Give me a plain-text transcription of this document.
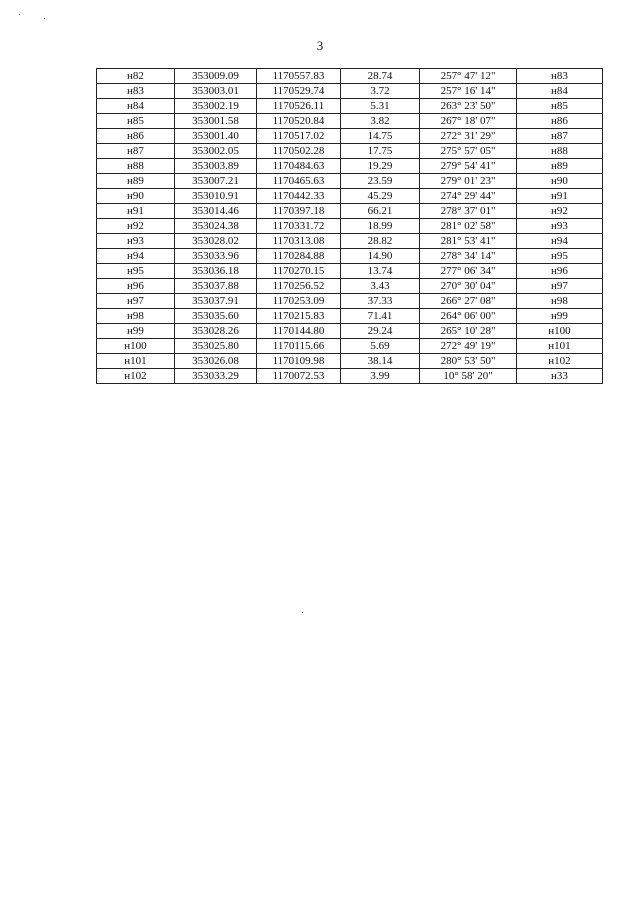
3
н82	353009.09	1170557.83	28.74	257° 47' 12"	н83
н83	353003.01	1170529.74	3.72	257° 16' 14"	н84
н84	353002.19	1170526.11	5.31	263° 23' 50"	н85
н85	353001.58	1170520.84	3.82	267° 18' 07"	н86
н86	353001.40	1170517.02	14.75	272° 31' 29"	н87
н87	353002.05	1170502.28	17.75	275° 57' 05"	н88
н88	353003.89	1170484.63	19.29	279° 54' 41"	н89
н89	353007.21	1170465.63	23.59	279° 01' 23"	н90
н90	353010.91	1170442.33	45.29	274° 29' 44"	н91
н91	353014.46	1170397.18	66.21	278° 37' 01"	н92
н92	353024.38	1170331.72	18.99	281° 02' 58"	н93
н93	353028.02	1170313.08	28.82	281° 53' 41"	н94
н94	353033.96	1170284.88	14.90	278° 34' 14"	н95
н95	353036.18	1170270.15	13.74	277° 06' 34"	н96
н96	353037.88	1170256.52	3.43	270° 30' 04"	н97
н97	353037.91	1170253.09	37.33	266° 27' 08"	н98
н98	353035.60	1170215.83	71.41	264° 06' 00"	н99
н99	353028.26	1170144.80	29.24	265° 10' 28"	н100
н100	353025.80	1170115.66	5.69	272° 49' 19"	н101
н101	353026.08	1170109.98	38.14	280° 53' 50"	н102
н102	353033.29	1170072.53	3.99	10° 58' 20"	н33
